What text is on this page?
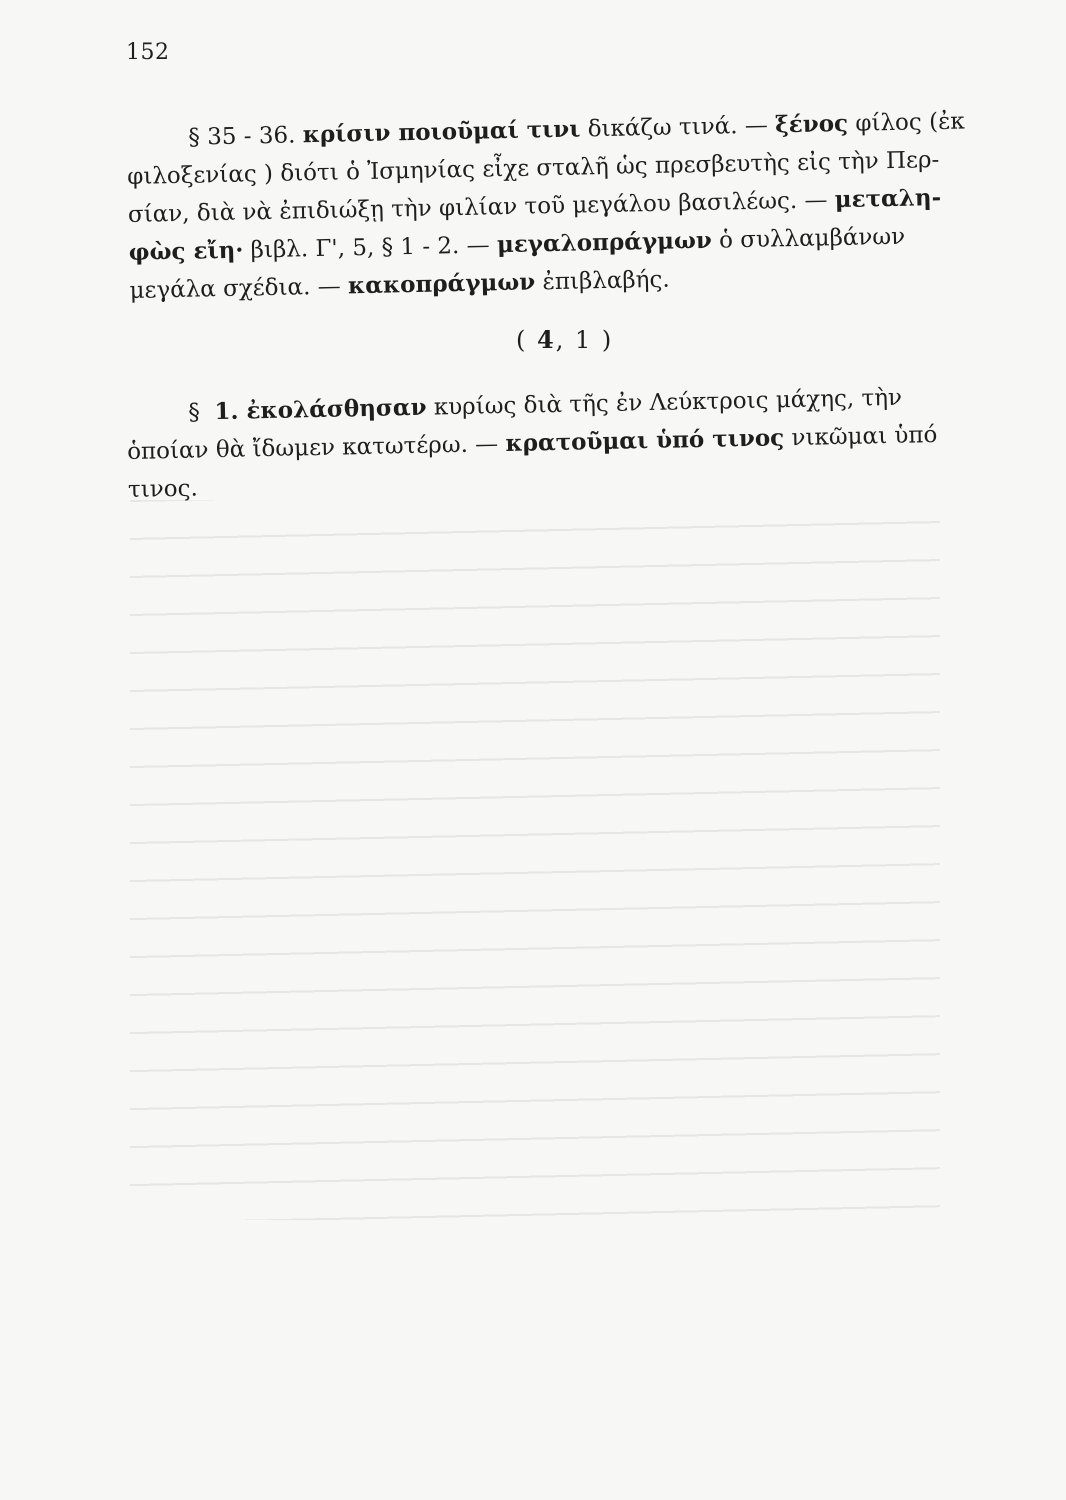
152
§ 35 - 36. κρίσιν ποιοῦμαί τινι δικάζω τινά. — ξένος φίλος (ἐκ
φιλοξενίας ) διότι ὁ Ἰσμηνίας εἶχε σταλῆ ὡς πρεσβευτὴς εἰς τὴν Περ-
σίαν, διὰ νὰ ἐπιδιώξῃ τὴν φιλίαν τοῦ μεγάλου βασιλέως. — μεταλη-
φὼς εἴη· βιβλ. Γ', 5, § 1 - 2. — μεγαλοπράγμων ὁ συλλαμβάνων
μεγάλα σχέδια. — κακοπράγμων ἐπιβλαβής.
( 4, 1 )
§ 1. ἐκολάσθησαν κυρίως διὰ τῆς ἐν Λεύκτροις μάχης, τὴν
ὁποίαν θὰ ἴδωμεν κατωτέρω. — κρατοῦμαι ὑπό τινος νικῶμαι ὑπό
τινος.
